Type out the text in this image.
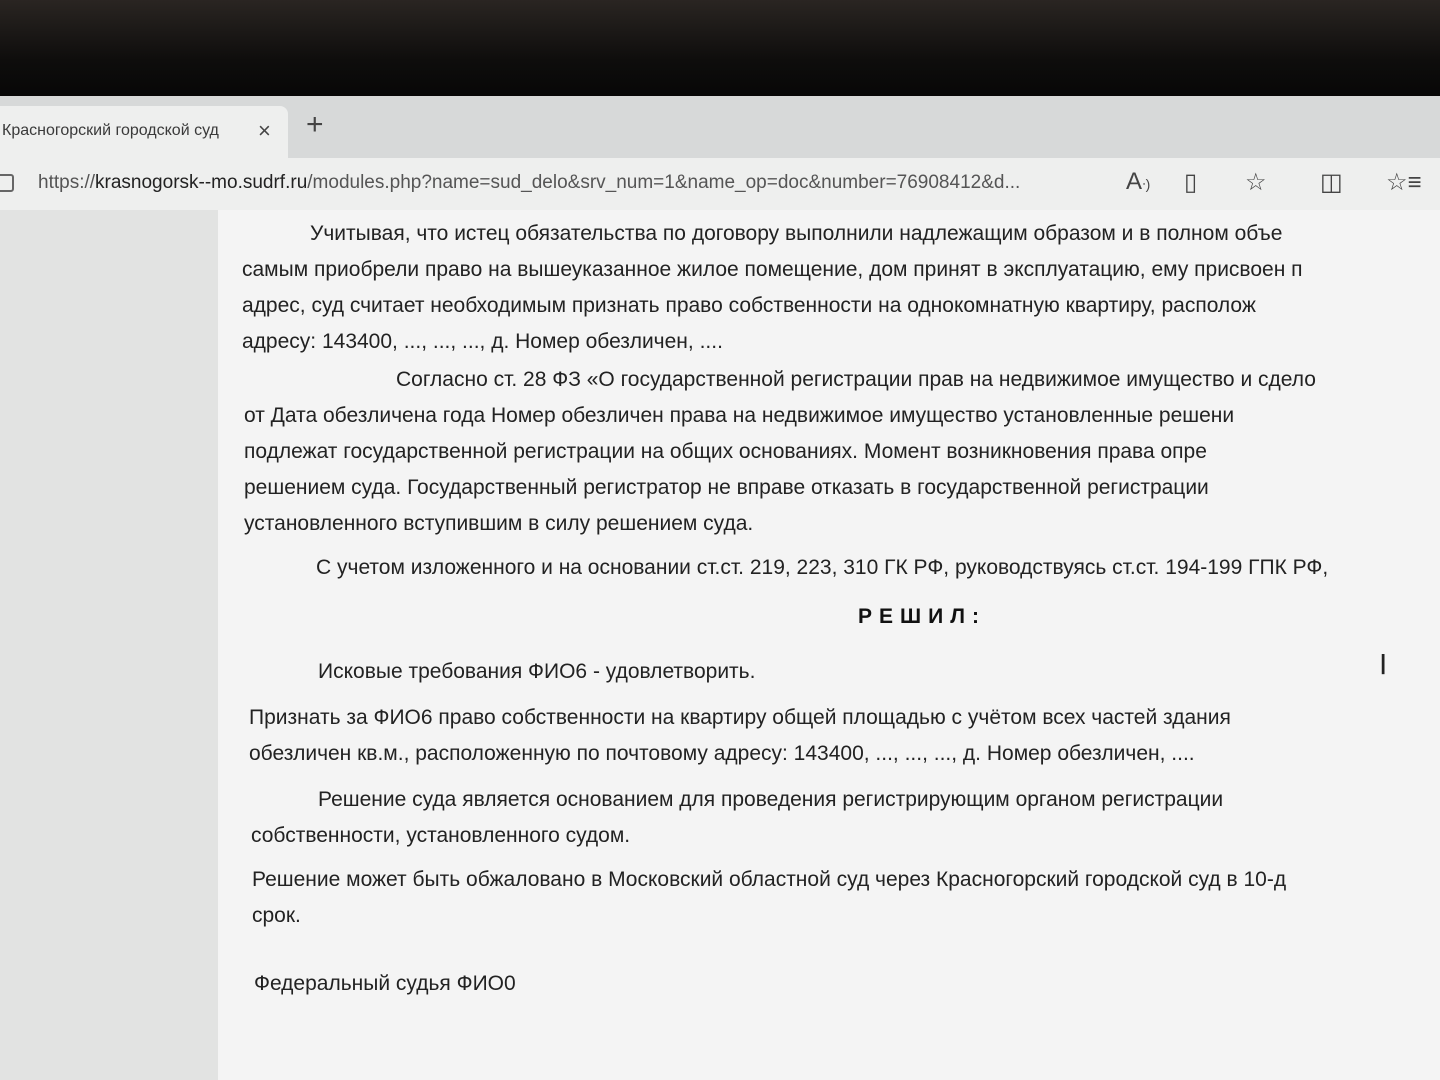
Красногорский городской суд	× +
https://krasnogorsk--mo.sudrf.ru/modules.php?name=sud_delo&srv_num=1&name_op=doc&number=76908412&d...	Aᐧ) ▯ ☆ ◫ ☆≡
Учитывая, что истец обязательства по договору выполнили надлежащим образом и в полном объе
самым приобрели право на вышеуказанное жилое помещение, дом принят в эксплуатацию, ему присвоен п
адрес, суд считает необходимым признать право собственности на однокомнатную квартиру, располож
адресу: 143400, ..., ..., ..., д. Номер обезличен, ....
Согласно ст. 28 ФЗ «О государственной регистрации прав на недвижимое имущество и сдело
от Дата обезличена года Номер обезличен права на недвижимое имущество установленные решени
подлежат государственной регистрации на общих основаниях. Момент возникновения права опре
решением суда. Государственный регистратор не вправе отказать в государственной регистрации
установленного вступившим в силу решением суда.
С учетом изложенного и на основании ст.ст. 219, 223, 310 ГК РФ, руководствуясь ст.ст. 194-199 ГПК РФ,
РЕШИЛ:
Исковые требования ФИО6 - удовлетворить.
Признать за ФИО6 право собственности на квартиру общей площадью с учётом всех частей здания
обезличен кв.м., расположенную по почтовому адресу: 143400, ..., ..., ..., д. Номер обезличен, ....
Решение суда является основанием для проведения регистрирующим органом регистрации
собственности, установленного судом.
Решение может быть обжаловано в Московский областной суд через Красногорский городской суд в 10-д
срок.
Федеральный судья ФИО0
I
